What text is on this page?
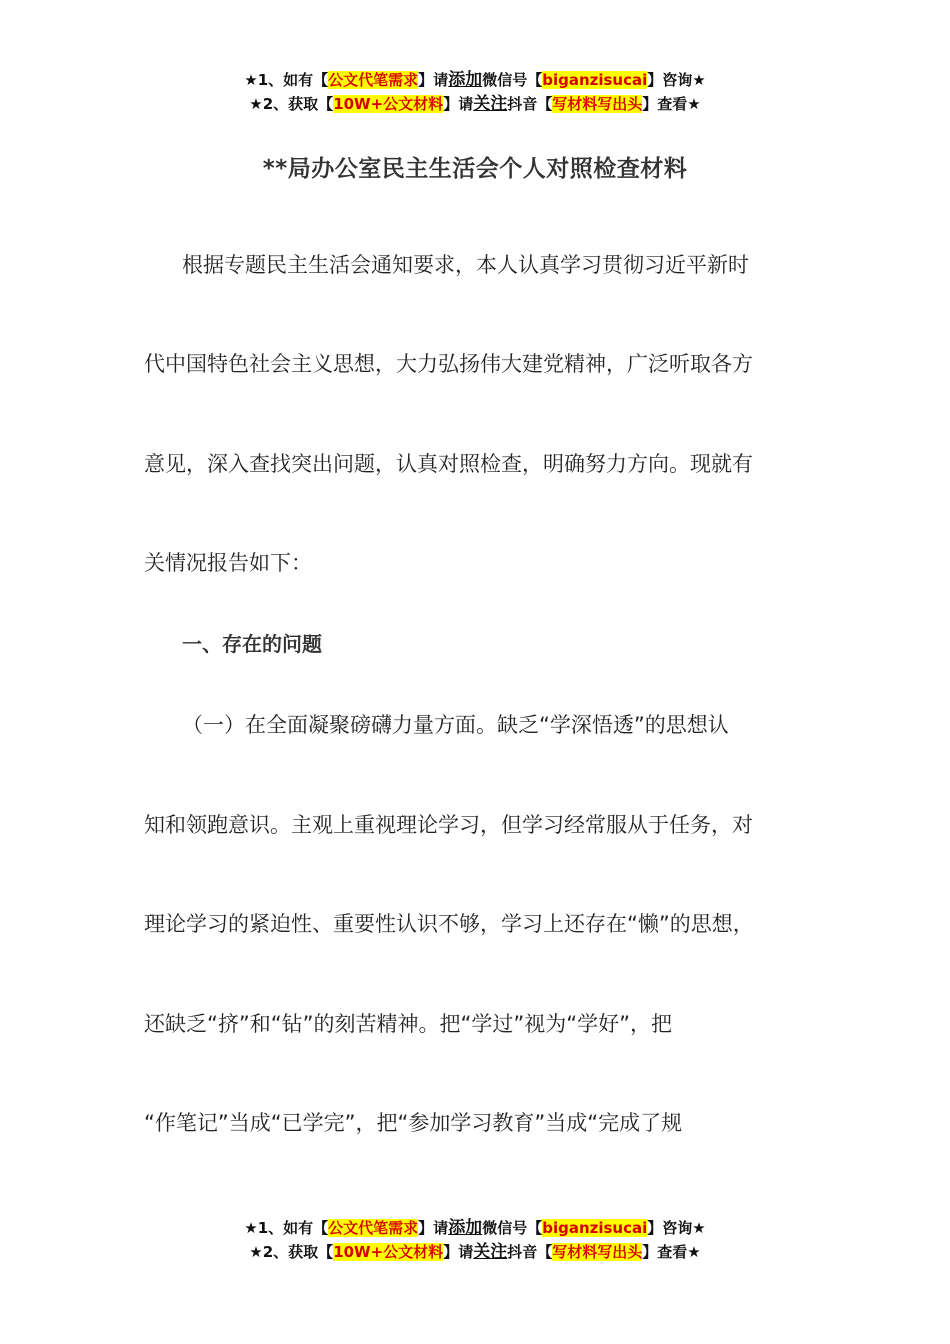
★1、如有【公文代笔需求】请添加微信号【biganzisucai】咨询★
★2、获取【10W+公文材料】请关注抖音【写材料写出头】查看★
**局办公室民主生活会个人对照检查材料
根据专题民主生活会通知要求，本人认真学习贯彻习近平新时
代中国特色社会主义思想，大力弘扬伟大建党精神，广泛听取各方
意见，深入查找突出问题，认真对照检查，明确努力方向。现就有
关情况报告如下：
一、存在的问题
（一）在全面凝聚磅礴力量方面。缺乏“学深悟透”的思想认
知和领跑意识。主观上重视理论学习，但学习经常服从于任务，对
理论学习的紧迫性、重要性认识不够，学习上还存在“懒”的思想，
还缺乏“挤”和“钻”的刻苦精神。把“学过”视为“学好”，把
“作笔记”当成“已学完”，把“参加学习教育”当成“完成了规
★1、如有【公文代笔需求】请添加微信号【biganzisucai】咨询★
★2、获取【10W+公文材料】请关注抖音【写材料写出头】查看★
